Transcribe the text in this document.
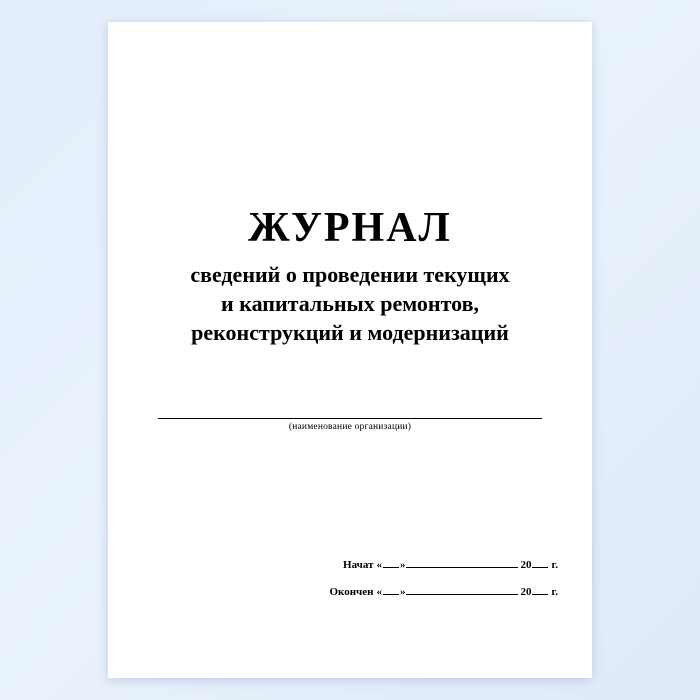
ЖУРНАЛ

сведений о проведении текущих
и капитальных ремонтов,
реконструкций и модернизаций

(наименование организации)
Начат « »	20 г.
Окончен « »	20 г.
